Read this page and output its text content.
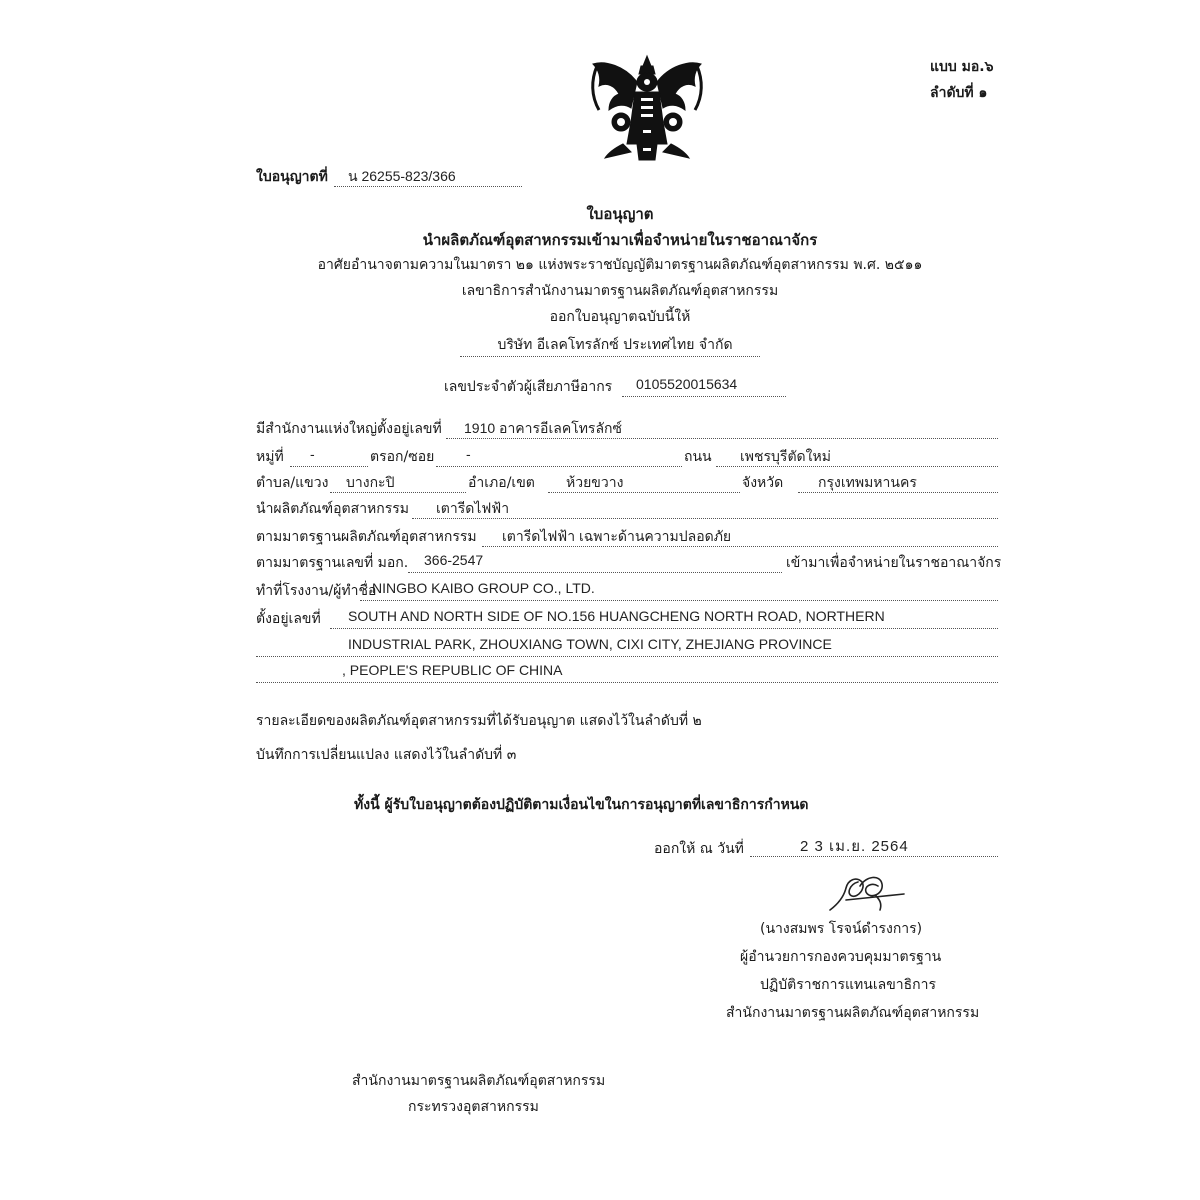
แบบ มอ.๖
ลำดับที่ ๑
ใบอนุญาตที่ น 26255-823/366
ใบอนุญาต
นำผลิตภัณฑ์อุตสาหกรรมเข้ามาเพื่อจำหน่ายในราชอาณาจักร
อาศัยอำนาจตามความในมาตรา ๒๑ แห่งพระราชบัญญัติมาตรฐานผลิตภัณฑ์อุตสาหกรรม พ.ศ. ๒๕๑๑
เลขาธิการสำนักงานมาตรฐานผลิตภัณฑ์อุตสาหกรรม
ออกใบอนุญาตฉบับนี้ให้
บริษัท อีเลคโทรลักซ์ ประเทศไทย จำกัด
เลขประจำตัวผู้เสียภาษีอากร 0105520015634
มีสำนักงานแห่งใหญ่ตั้งอยู่เลขที่ 1910 อาคารอีเลคโทรลักซ์
หมู่ที่ -	ตรอก/ซอย -	ถนน เพชรบุรีตัดใหม่
ตำบล/แขวง บางกะปิ	อำเภอ/เขต ห้วยขวาง	จังหวัด กรุงเทพมหานคร
นำผลิตภัณฑ์อุตสาหกรรม เตารีดไฟฟ้า
ตามมาตรฐานผลิตภัณฑ์อุตสาหกรรม เตารีดไฟฟ้า เฉพาะด้านความปลอดภัย
ตามมาตรฐานเลขที่ มอก. 366-2547	เข้ามาเพื่อจำหน่ายในราชอาณาจักร
ทำที่โรงงาน/ผู้ทำชื่อ
NINGBO KAIBO GROUP CO., LTD.
ตั้งอยู่เลขที่ SOUTH AND NORTH SIDE OF NO.156 HUANGCHENG NORTH ROAD, NORTHERN
INDUSTRIAL PARK, ZHOUXIANG TOWN, CIXI CITY, ZHEJIANG PROVINCE
, PEOPLE'S REPUBLIC OF CHINA
รายละเอียดของผลิตภัณฑ์อุตสาหกรรมที่ได้รับอนุญาต แสดงไว้ในลำดับที่ ๒
บันทึกการเปลี่ยนแปลง แสดงไว้ในลำดับที่ ๓
ทั้งนี้ ผู้รับใบอนุญาตต้องปฏิบัติตามเงื่อนไขในการอนุญาตที่เลขาธิการกำหนด
ออกให้ ณ วันที่	2 3 เม.ย. 2564
(นางสมพร โรจน์ดำรงการ)
ผู้อำนวยการกองควบคุมมาตรฐาน
ปฏิบัติราชการแทนเลขาธิการ
สำนักงานมาตรฐานผลิตภัณฑ์อุตสาหกรรม
สำนักงานมาตรฐานผลิตภัณฑ์อุตสาหกรรม
กระทรวงอุตสาหกรรม
